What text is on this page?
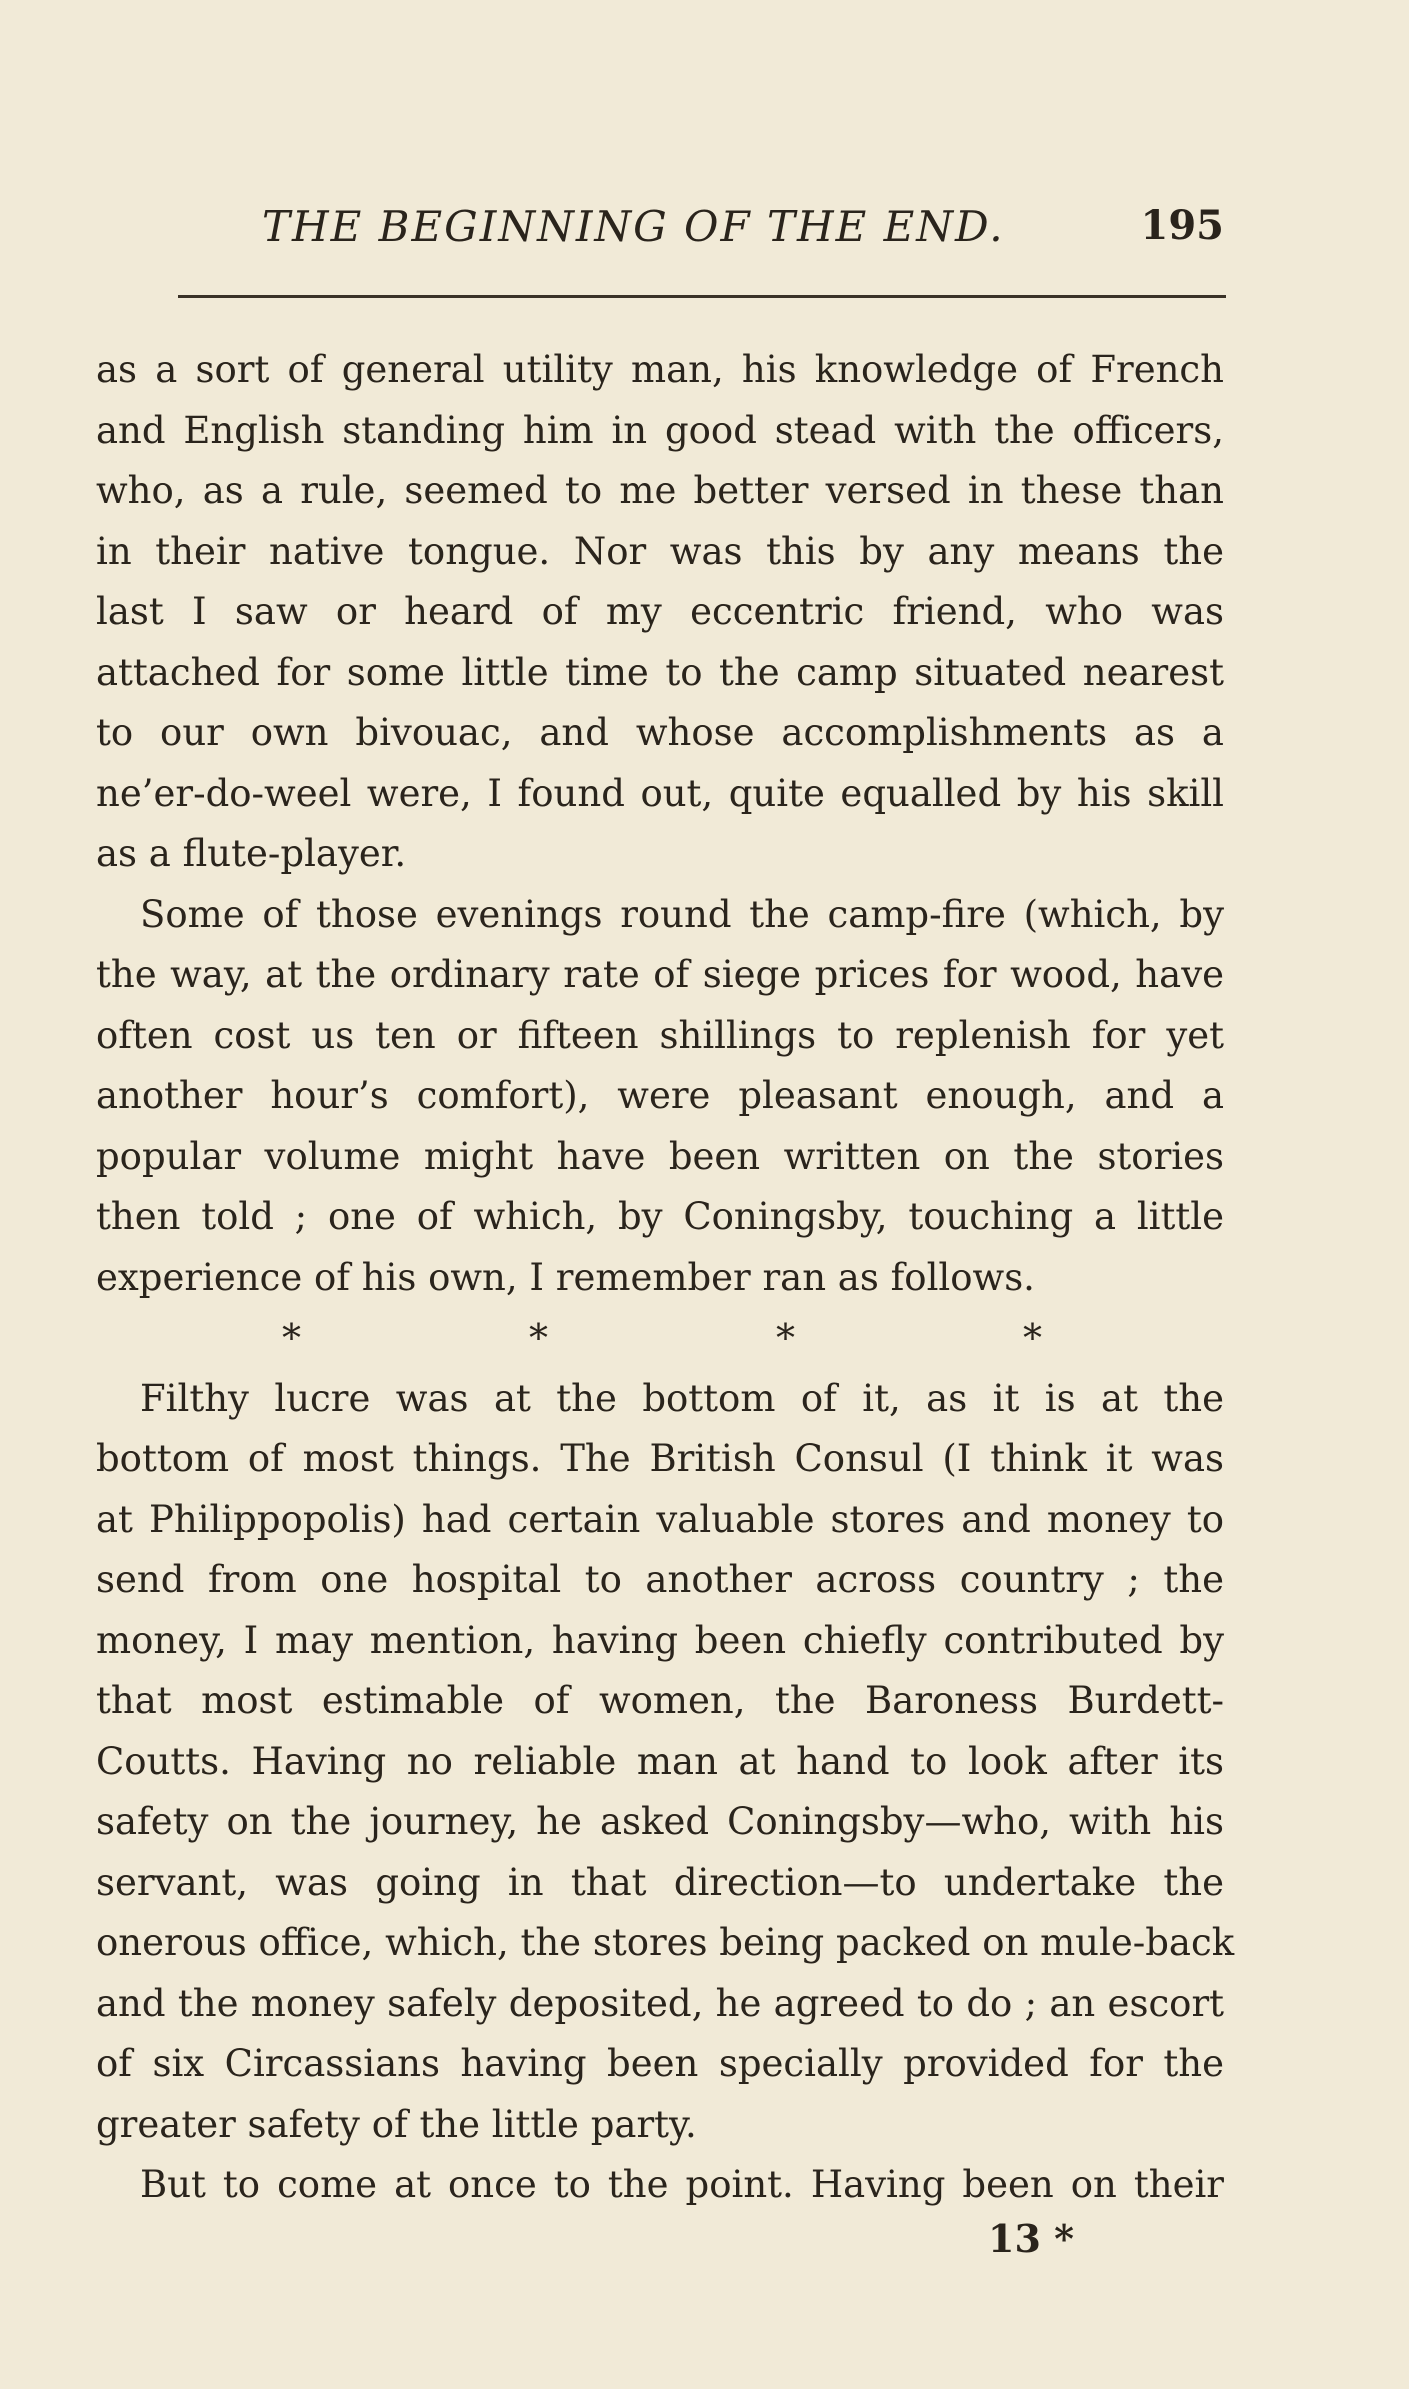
THE BEGINNING OF THE END.	195
as a sort of general utility man, his knowledge of French
and English standing him in good stead with the officers,
who, as a rule, seemed to me better versed in these than
in their native tongue. Nor was this by any means the
last I saw or heard of my eccentric friend, who was
attached for some little time to the camp situated nearest
to our own bivouac, and whose accomplishments as a
ne’er-do-weel were, I found out, quite equalled by his skill
as a flute-player.
Some of those evenings round the camp-fire (which, by
the way, at the ordinary rate of siege prices for wood, have
often cost us ten or fifteen shillings to replenish for yet
another hour’s comfort), were pleasant enough, and a
popular volume might have been written on the stories
then told ; one of which, by Coningsby, touching a little
experience of his own, I remember ran as follows.
*	*	*	*
Filthy lucre was at the bottom of it, as it is at the
bottom of most things. The British Consul (I think it was
at Philippopolis) had certain valuable stores and money to
send from one hospital to another across country ; the
money, I may mention, having been chiefly contributed by
that most estimable of women, the Baroness Burdett-
Coutts. Having no reliable man at hand to look after its
safety on the journey, he asked Coningsby—who, with his
servant, was going in that direction—to undertake the
onerous office, which, the stores being packed on mule-back
and the money safely deposited, he agreed to do ; an escort
of six Circassians having been specially provided for the
greater safety of the little party.
But to come at once to the point. Having been on their
13 *
